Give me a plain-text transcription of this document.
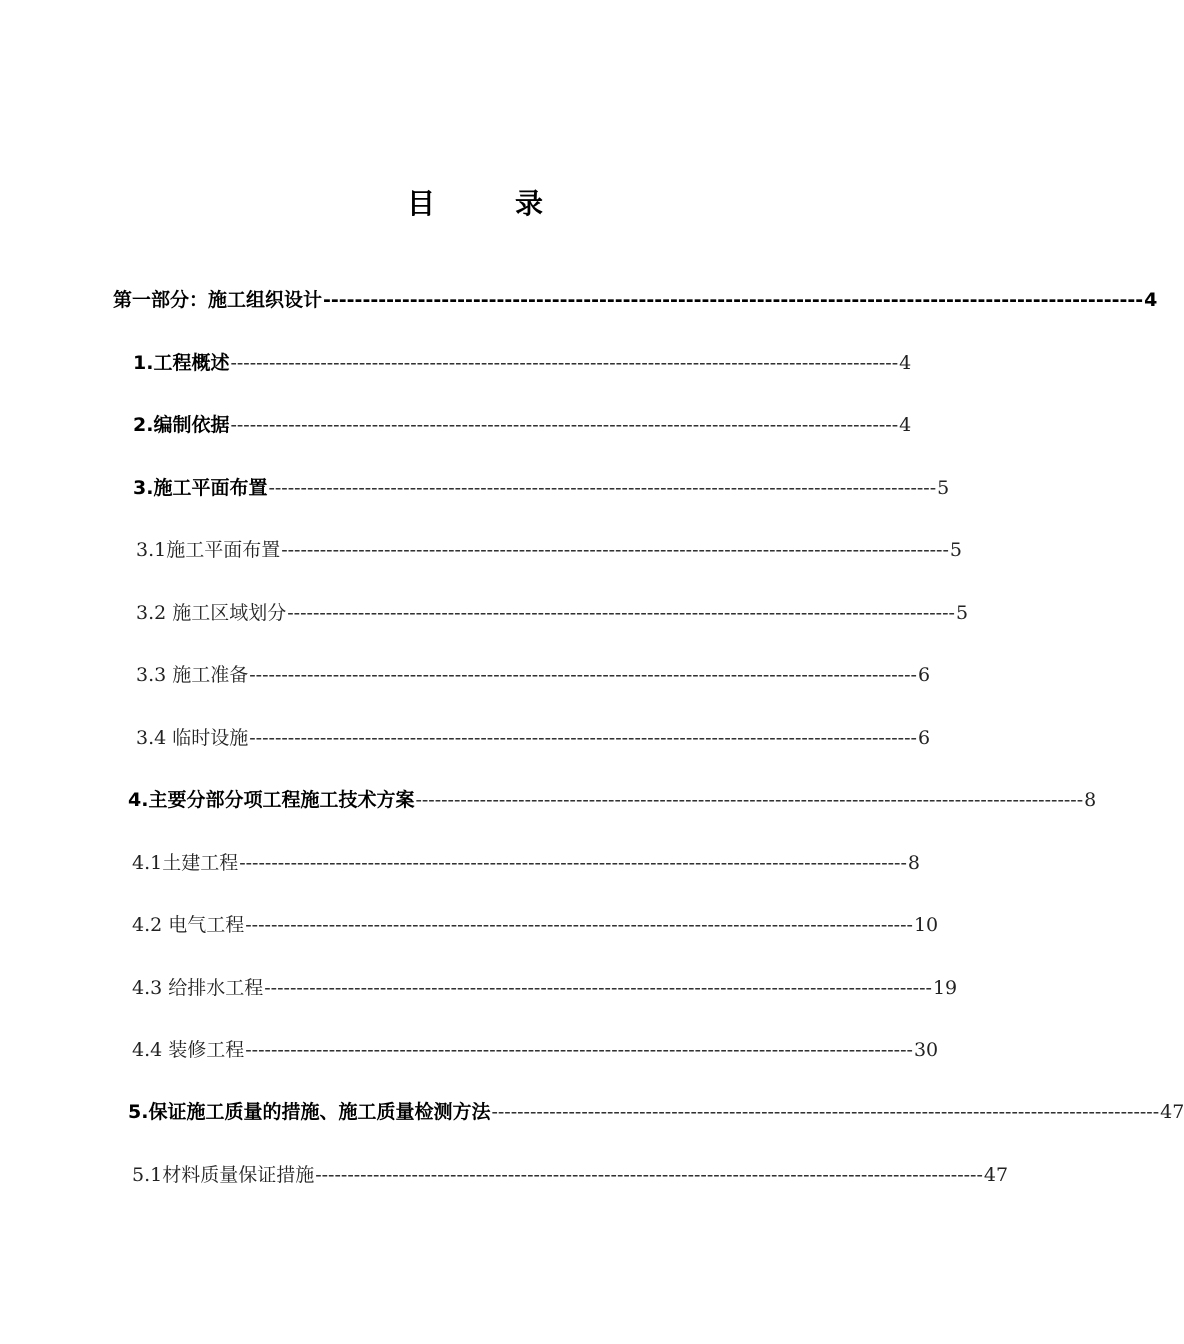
目	录
第一部分：施工组织设计 -------------------------------------------------------------------------------------------------------- 4
1.工程概述 -------------------------------------------------------------------------------------------------------- 4
2.编制依据 -------------------------------------------------------------------------------------------------------- 4
3.施工平面布置 -------------------------------------------------------------------------------------------------------- 5
3.1施工平面布置 -------------------------------------------------------------------------------------------------------- 5
3.2 施工区域划分 -------------------------------------------------------------------------------------------------------- 5
3.3 施工准备 -------------------------------------------------------------------------------------------------------- 6
3.4 临时设施 -------------------------------------------------------------------------------------------------------- 6
4.主要分部分项工程施工技术方案 -------------------------------------------------------------------------------------------------------- 8
4.1土建工程 -------------------------------------------------------------------------------------------------------- 8
4.2 电气工程 -------------------------------------------------------------------------------------------------------- 10
4.3 给排水工程 -------------------------------------------------------------------------------------------------------- 19
4.4 装修工程 -------------------------------------------------------------------------------------------------------- 30
5.保证施工质量的措施、施工质量检测方法 -------------------------------------------------------------------------------------------------------- 47
5.1材料质量保证措施 -------------------------------------------------------------------------------------------------------- 47
